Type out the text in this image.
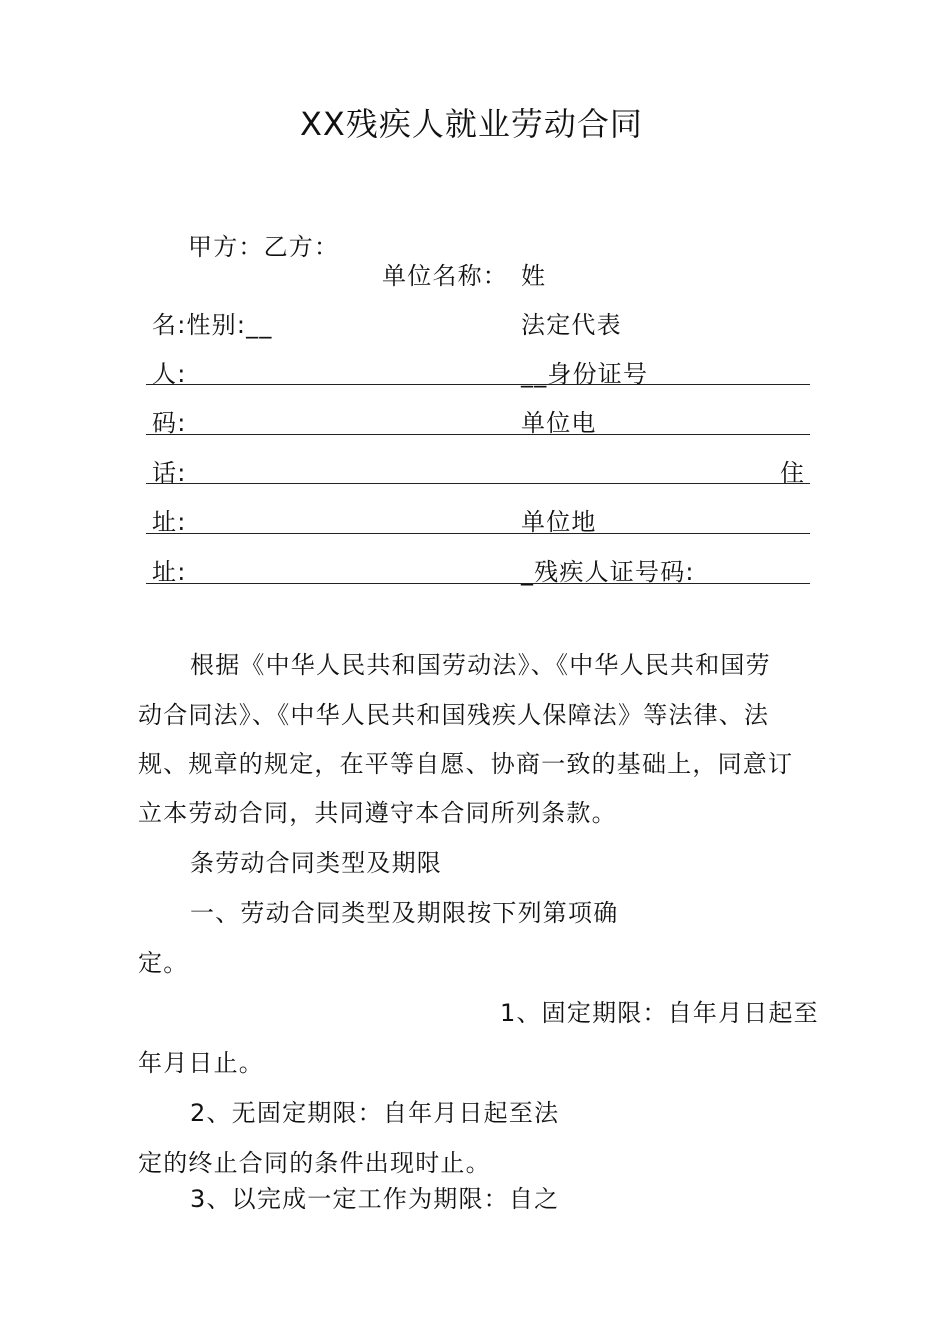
XX残疾人就业劳动合同
甲方：乙方：
单位名称： 姓
名:性别:__	法定代表
人:	__身份证号
码:	单位电
话:	住
址:	单位地
址:	_残疾人证号码:
根据《中华人民共和国劳动法》、《中华人民共和国劳
动合同法》、《中华人民共和国残疾人保障法》等法律、法
规、规章的规定，在平等自愿、协商一致的基础上，同意订
立本劳动合同，共同遵守本合同所列条款。
条劳动合同类型及期限
一、劳动合同类型及期限按下列第项确
定。
1、固定期限：自年月日起至
年月日止。
2、无固定期限：自年月日起至法
定的终止合同的条件出现时止。
3、以完成一定工作为期限：自之
